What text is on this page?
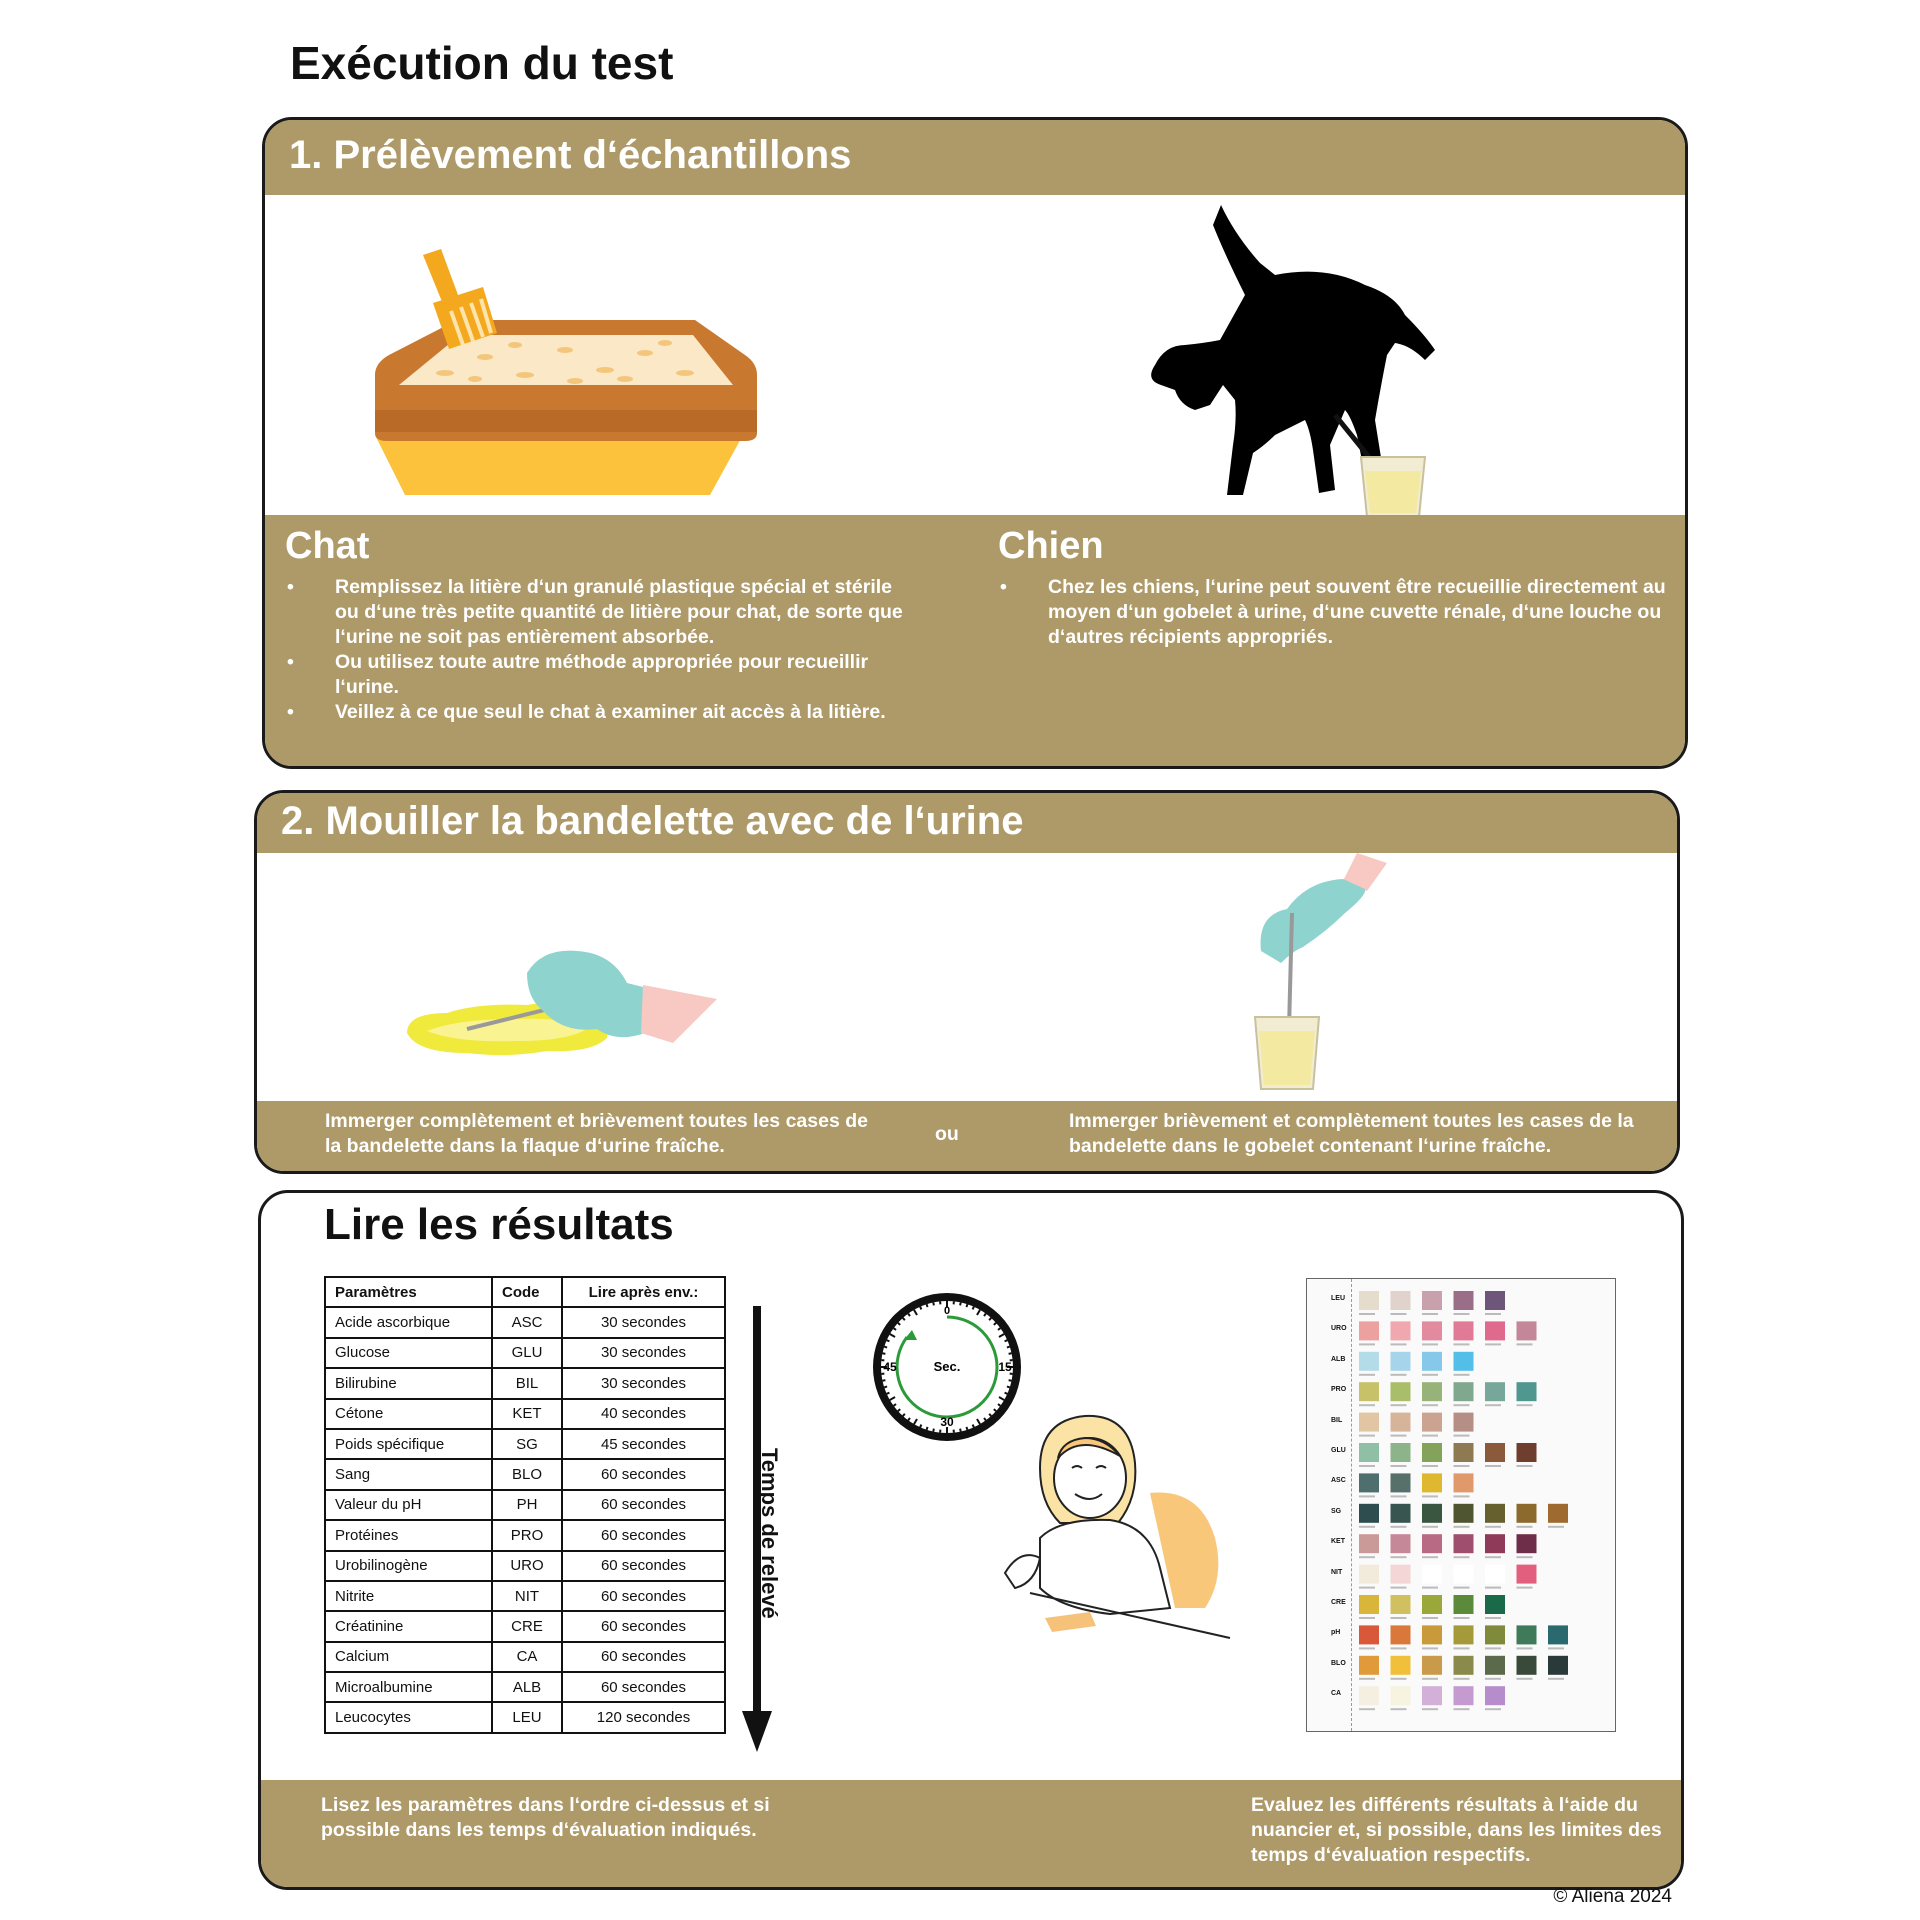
Exécution du test
1. Prélèvement d‘échantillons
Chat
• Remplissez la litière d‘un granulé plastique spécial et stérile ou d‘une très petite quantité de litière pour chat, de sorte que l‘urine ne soit pas entièrement absorbée.
• Ou utilisez toute autre méthode appropriée pour recueillir l‘urine.
• Veillez à ce que seul le chat à examiner ait accès à la litière.
Chien
• Chez les chiens, l‘urine peut souvent être recueillie directement au moyen d‘un gobelet à urine, d‘une cuvette rénale, d‘une louche ou d‘autres récipients appropriés.
2. Mouiller la bandelette avec de l‘urine
Immerger complètement et brièvement toutes les cases de la bandelette dans la flaque d‘urine fraîche.
ou
Immerger brièvement et complètement toutes les cases de la bandelette dans le gobelet contenant l‘urine fraîche.
Lisez les paramètres dans l‘ordre ci-dessus et si possible dans les temps d‘évaluation indiqués.
Evaluez les différents résultats à l‘aide du nuancier et, si possible, dans les limites des temps d‘évaluation respectifs.
Lire les résultats
Paramètres	Code	Lire après env.:
Acide ascorbique	ASC	30 secondes
Glucose	GLU	30 secondes
Bilirubine	BIL	30 secondes
Cétone	KET	40 secondes
Poids spécifique	SG	45 secondes
Sang	BLO	60 secondes
Valeur du pH	PH	60 secondes
Protéines	PRO	60 secondes
Urobilinogène	URO	60 secondes
Nitrite	NIT	60 secondes
Créatinine	CRE	60 secondes
Calcium	CA	60 secondes
Microalbumine	ALB	60 secondes
Leucocytes	LEU	120 secondes
Temps de relevé
0
15
30
45	Sec.
LEU
URO
ALB
PRO
BIL
GLU
ASC
SG
KET
NIT
CRE
pH
BLO
CA
© Aliena 2024
